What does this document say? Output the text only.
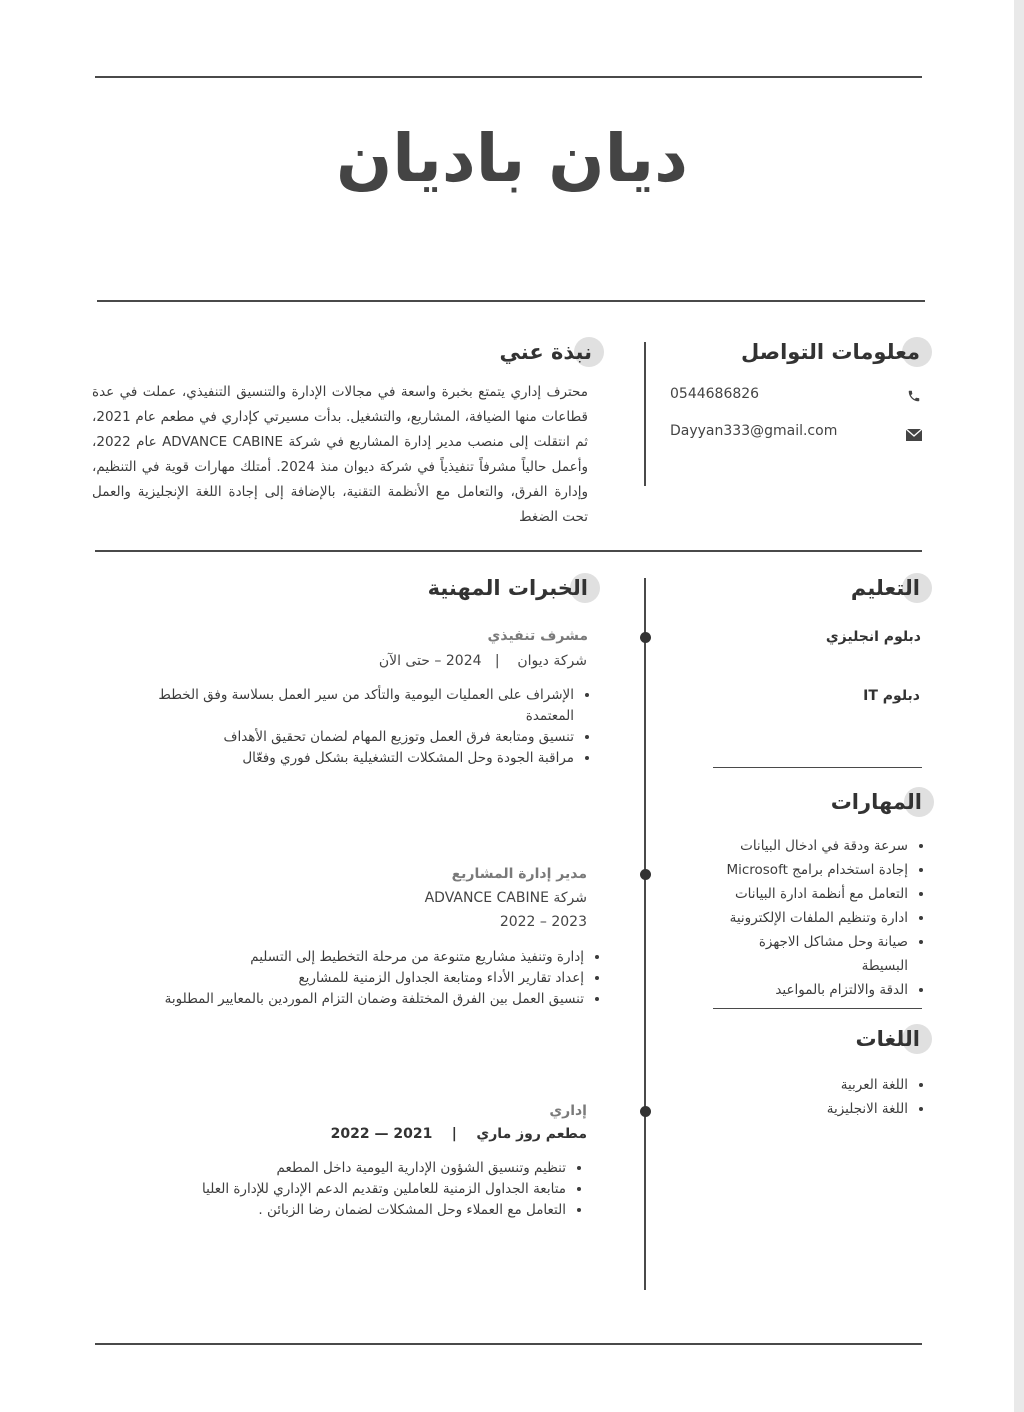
ديان باديان
نبذة عني
محترف إداري يتمتع بخبرة واسعة في مجالات الإدارة والتنسيق التنفيذي، عملت في عدة قطاعات منها الضيافة، المشاريع، والتشغيل. بدأت مسيرتي كإداري في مطعم عام 2021، ثم انتقلت إلى منصب مدير إدارة المشاريع في شركة ADVANCE CABINE عام 2022، وأعمل حالياً مشرفاً تنفيذياً في شركة ديوان منذ 2024. أمتلك مهارات قوية في التنظيم، وإدارة الفرق، والتعامل مع الأنظمة التقنية، بالإضافة إلى إجادة اللغة الإنجليزية والعمل تحت الضغط
معلومات التواصل
0544686826
Dayyan333@gmail.com
التعليم
دبلوم انجليزي
دبلوم IT
المهارات
• سرعة ودقة في ادخال البيانات
• إجادة استخدام برامج Microsoft
• التعامل مع أنظمة ادارة البيانات
• ادارة وتنظيم الملفات الإلكترونية
• صيانة وحل مشاكل الاجهزة البسيطة
• الدقة والالتزام بالمواعيد
اللغات
• اللغة العربية
• اللغة الانجليزية
الخبرات المهنية
مشرف تنفيذي
شركة ديوان    |   2024 – حتى الآن
• الإشراف على العمليات اليومية والتأكد من سير العمل بسلاسة وفق الخطط المعتمدة
• تنسيق ومتابعة فرق العمل وتوزيع المهام لضمان تحقيق الأهداف
• مراقبة الجودة وحل المشكلات التشغيلية بشكل فوري وفعّال
مدير إدارة المشاريع
شركة ADVANCE CABINE
2022 – 2023
• إدارة وتنفيذ مشاريع متنوعة من مرحلة التخطيط إلى التسليم
• إعداد تقارير الأداء ومتابعة الجداول الزمنية للمشاريع
• تنسيق العمل بين الفرق المختلفة وضمان التزام الموردين بالمعايير المطلوبة
إداري
مطعم روز ماري    |    2021 — 2022
• تنظيم وتنسيق الشؤون الإدارية اليومية داخل المطعم
• متابعة الجداول الزمنية للعاملين وتقديم الدعم الإداري للإدارة العليا
• التعامل مع العملاء وحل المشكلات لضمان رضا الزبائن .
